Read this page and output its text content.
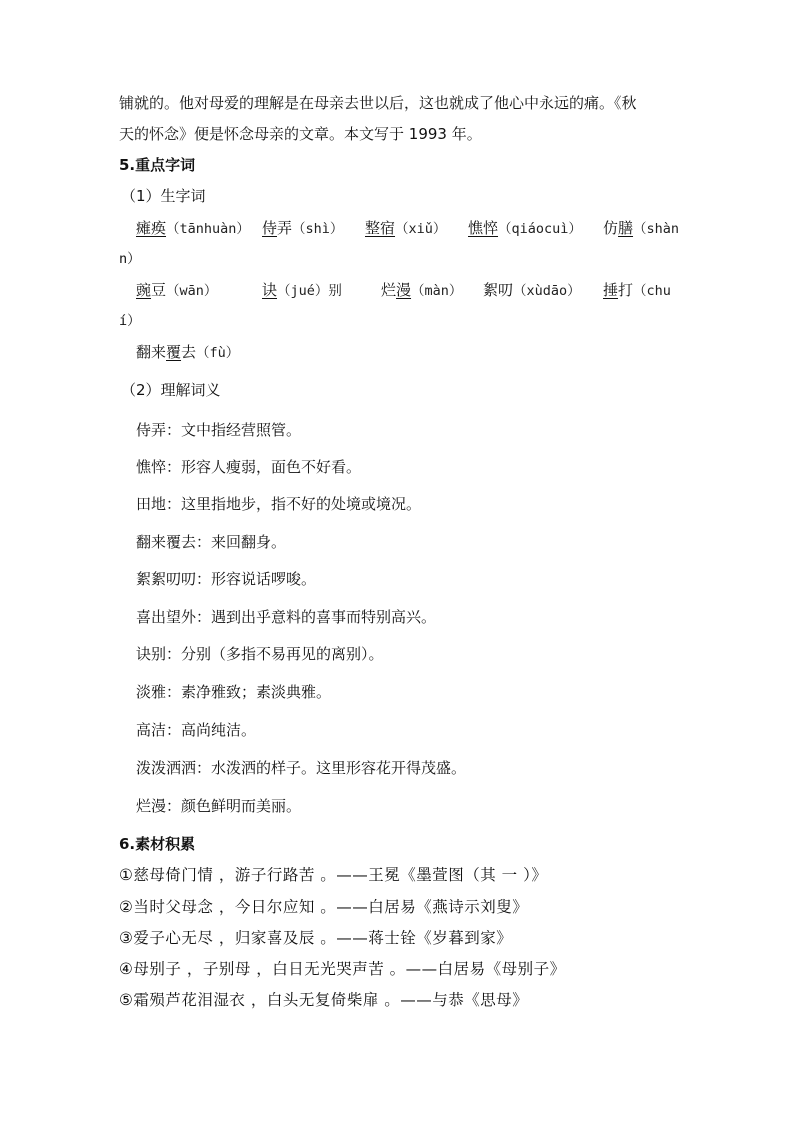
铺就的。他对母爱的理解是在母亲去世以后，这也就成了他心中永远的痛。《秋
天的怀念》便是怀念母亲的文章。本文写于 1993 年。
5.重点字词
（1）生字词
瘫痪（tānhuàn） 侍弄（shì） 整宿（xiǔ） 憔悴（qiáocuì） 仿膳（shàn
n）
豌豆（wān）	诀（jué）别	烂漫（màn） 絮叨（xùdāo） 捶打（chu
í）
翻来覆去（fù）
（2）理解词义
侍弄：文中指经营照管。
憔悴：形容人瘦弱，面色不好看。
田地：这里指地步，指不好的处境或境况。
翻来覆去：来回翻身。
絮絮叨叨：形容说话啰唆。
喜出望外：遇到出乎意料的喜事而特别高兴。
诀别：分别（多指不易再见的离别）。
淡雅：素净雅致；素淡典雅。
高洁：高尚纯洁。
泼泼洒洒：水泼洒的样子。这里形容花开得茂盛。
烂漫：颜色鲜明而美丽。
6.素材积累
①慈母倚门情 ，游子行路苦 。——王冕《墨萱图（其 一 ）》
②当时父母念 ，今日尔应知 。——白居易《燕诗示刘叟》
③爱子心无尽 ，归家喜及辰 。——蒋士铨《岁暮到家》
④母别子 ，子别母 ，白日无光哭声苦 。——白居易《母别子》
⑤霜殒芦花泪湿衣 ，白头无复倚柴扉 。——与恭《思母》
